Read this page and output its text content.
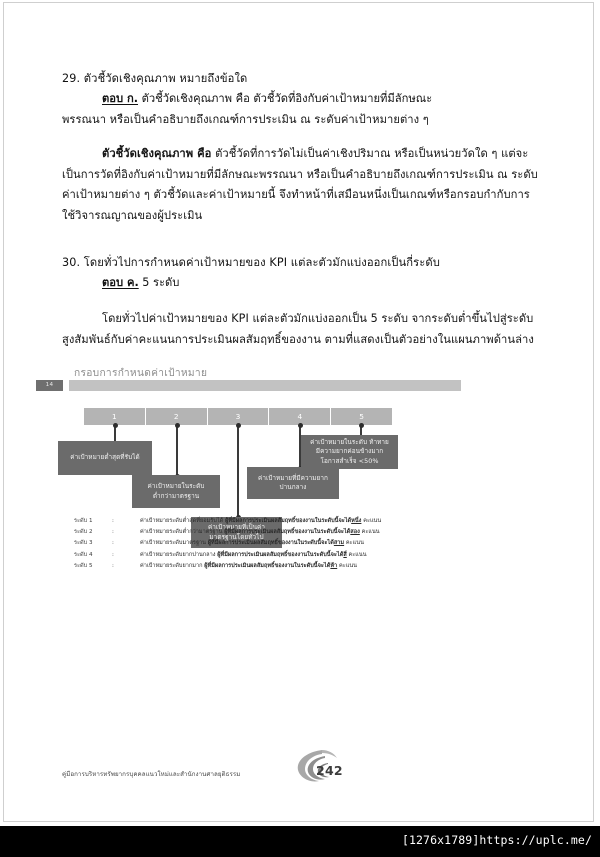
29. ตัวชี้วัดเชิงคุณภาพ หมายถึงข้อใด
ตอบ ก. ตัวชี้วัดเชิงคุณภาพ คือ ตัวชี้วัดที่อิงกับค่าเป้าหมายที่มีลักษณะ
พรรณนา หรือเป็นคำอธิบายถึงเกณฑ์การประเมิน ณ ระดับค่าเป้าหมายต่าง ๆ
ตัวชี้วัดเชิงคุณภาพ คือ ตัวชี้วัดที่การวัดไม่เป็นค่าเชิงปริมาณ หรือเป็นหน่วยวัดใด ๆ แต่จะเป็นการวัดที่อิงกับค่าเป้าหมายที่มีลักษณะพรรณนา หรือเป็นคำอธิบายถึงเกณฑ์การประเมิน ณ ระดับค่าเป้าหมายต่าง ๆ ตัวชี้วัดและค่าเป้าหมายนี้ จึงทำหน้าที่เสมือนหนึ่งเป็นเกณฑ์หรือกรอบกำกับการใช้วิจารณญาณของผู้ประเมิน
30. โดยทั่วไปการกำหนดค่าเป้าหมายของ KPI แต่ละตัวมักแบ่งออกเป็นกี่ระดับ
ตอบ ค. 5 ระดับ
โดยทั่วไปค่าเป้าหมายของ KPI แต่ละตัวมักแบ่งออกเป็น 5 ระดับ จากระดับต่ำขึ้นไปสู่ระดับสูงสัมพันธ์กับค่าคะแนนการประเมินผลสัมฤทธิ์ของงาน ตามที่แสดงเป็นตัวอย่างในแผนภาพด้านล่าง
กรอบการกำหนดค่าเป้าหมาย
14
1	2	3	4	5
ค่าเป้าหมายต่ำสุดที่รับได้
ค่าเป้าหมายในระดับ
ต่ำกว่ามาตรฐาน
ค่าเป้าหมายที่เป็นค่า
มาตรฐานโดยทั่วไป
ค่าเป้าหมายที่มีความยาก
ปานกลาง
ค่าเป้าหมายในระดับ ท้าทาย
มีความยากค่อนข้างมาก
โอกาสสำเร็จ <50%
ระดับ 1	:	ค่าเป้าหมายระดับต่ำสุดที่ยอมรับได้ ผู้ที่มีผลการประเมินผลสัมฤทธิ์ของงานในระดับนี้จะได้หนึ่ง คะแนน
ระดับ 2	:	ค่าเป้าหมายระดับต่ำกว่ามาตรฐาน ผู้ที่มีผลการประเมินผลสัมฤทธิ์ของงานในระดับนี้จะได้สอง คะแนน
ระดับ 3	:	ค่าเป้าหมายระดับมาตรฐาน ผู้ที่มีผลการประเมินผลสัมฤทธิ์ของงานในระดับนี้จะได้สาม คะแนน
ระดับ 4	:	ค่าเป้าหมายระดับยากปานกลาง ผู้ที่มีผลการประเมินผลสัมฤทธิ์ของงานในระดับนี้จะได้สี่ คะแนน
ระดับ 5	:	ค่าเป้าหมายระดับยากมาก ผู้ที่มีผลการประเมินผลสัมฤทธิ์ของงานในระดับนี้จะได้ห้า คะแนน
คู่มือการบริหารทรัพยากรบุคคลแนวใหม่และสำนักงานศาลยุติธรรม	242
[1276x1789]https://uplc.me/
